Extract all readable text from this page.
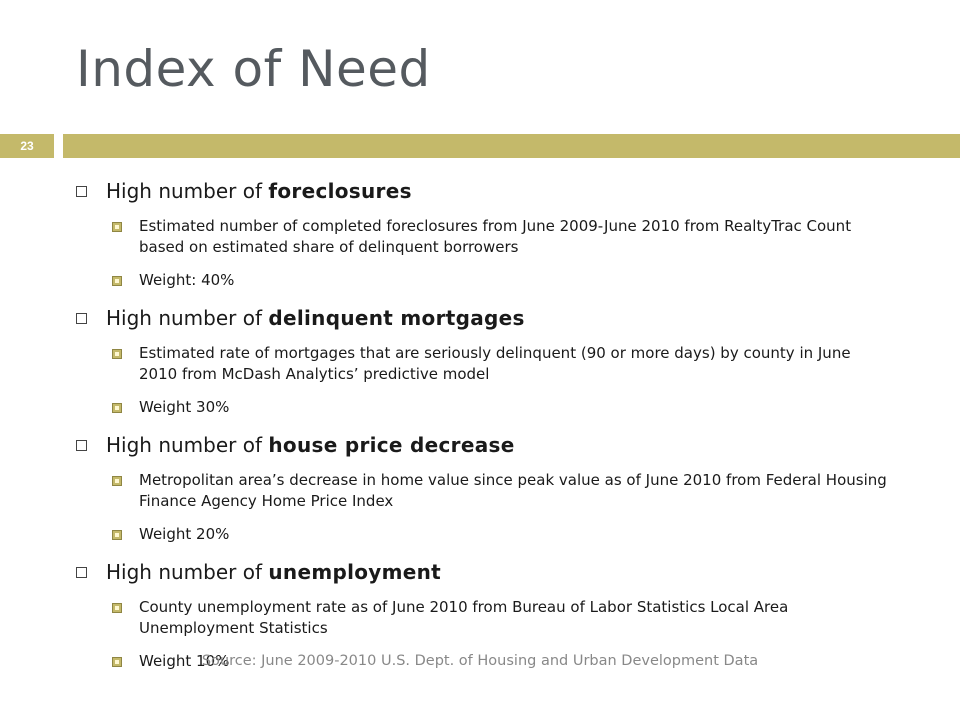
Index of Need
23
High number of foreclosures
Estimated number of completed foreclosures from June 2009-June 2010 from RealtyTrac Count based on estimated share of delinquent borrowers
Weight: 40%
High number of delinquent mortgages
Estimated rate of mortgages that are seriously delinquent (90 or more days) by county in June 2010 from McDash Analytics’ predictive model
Weight 30%
High number of house price decrease
Metropolitan area’s decrease in home value since peak value as of June 2010 from Federal Housing Finance Agency Home Price Index
Weight 20%
High number of unemployment
County unemployment rate as of June 2010 from Bureau of Labor Statistics Local Area Unemployment Statistics
Weight 10%
Source: June 2009-2010 U.S. Dept. of Housing and Urban Development Data
